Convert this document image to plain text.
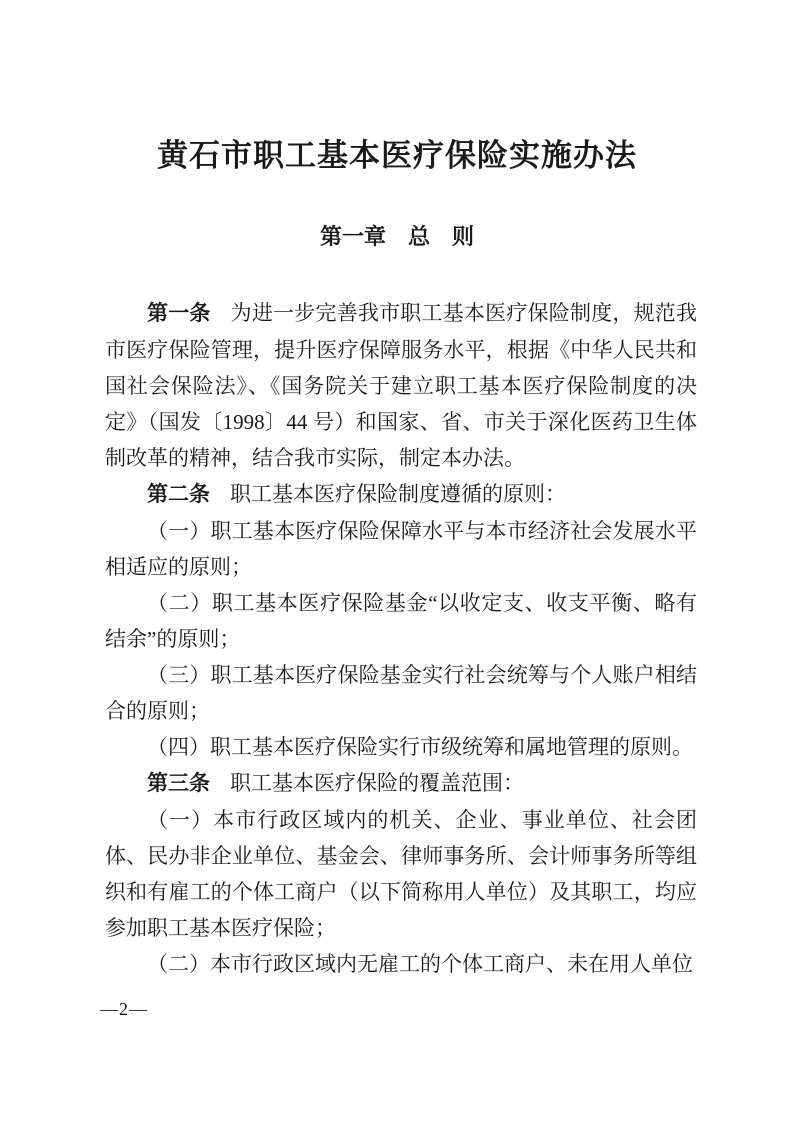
黄石市职工基本医疗保险实施办法
第一章　总　则

第一条 为进一步完善我市职工基本医疗保险制度，规范我市医疗保险管理，提升医疗保障服务水平，根据《中华人民共和国社会保险法》、《国务院关于建立职工基本医疗保险制度的决定》（国发〔1998〕44 号）和国家、省、市关于深化医药卫生体制改革的精神，结合我市实际，制定本办法。

第二条 职工基本医疗保险制度遵循的原则：

（一）职工基本医疗保险保障水平与本市经济社会发展水平相适应的原则；

（二）职工基本医疗保险基金“以收定支、收支平衡、略有结余”的原则；

（三）职工基本医疗保险基金实行社会统筹与个人账户相结合的原则；

（四）职工基本医疗保险实行市级统筹和属地管理的原则。

第三条 职工基本医疗保险的覆盖范围：

（一）本市行政区域内的机关、企业、事业单位、社会团体、民办非企业单位、基金会、律师事务所、会计师事务所等组织和有雇工的个体工商户（以下简称用人单位）及其职工，均应参加职工基本医疗保险；

（二）本市行政区域内无雇工的个体工商户、未在用人单位

—2—
